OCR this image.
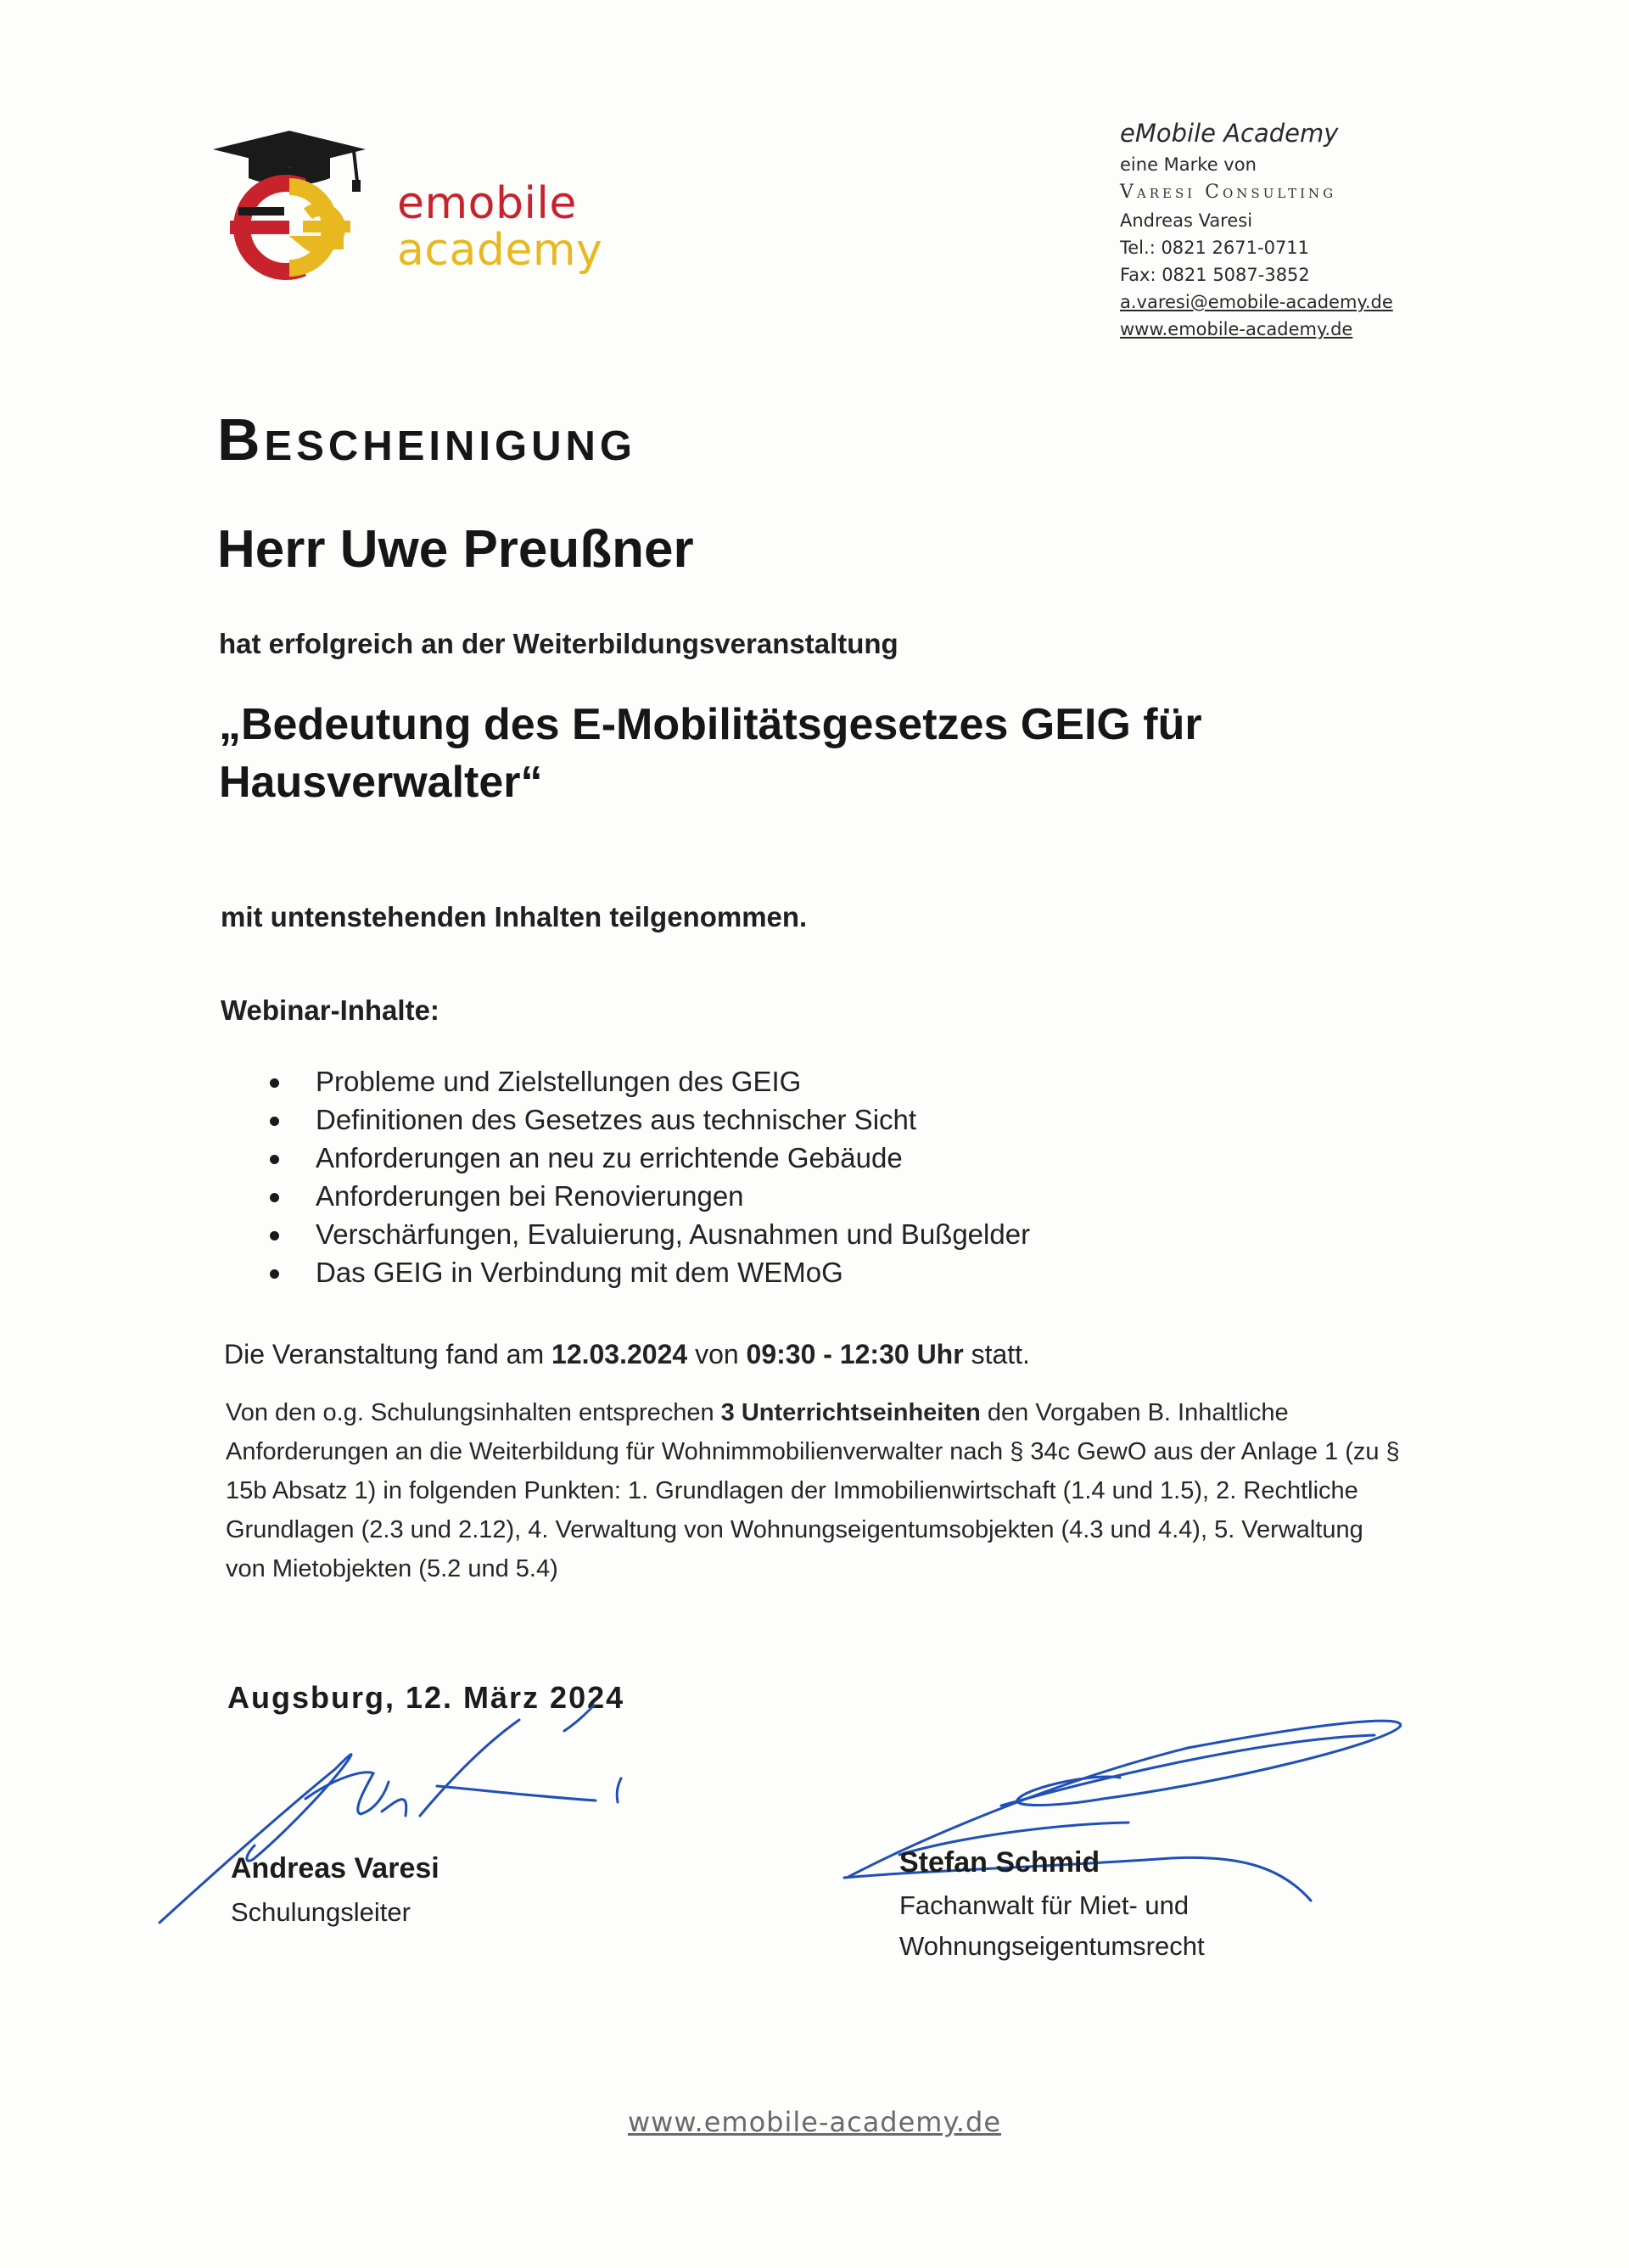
emobile
academy
eMobile Academy
eine Marke von
Varesi Consulting
Andreas Varesi
Tel.: 0821 2671-0711
Fax: 0821 5087-3852
a.varesi@emobile-academy.de
www.emobile-academy.de
Bescheinigung
Herr Uwe Preußner
hat erfolgreich an der Weiterbildungsveranstaltung
„Bedeutung des E-Mobilitätsgesetzes GEIG für
Hausverwalter“
mit untenstehenden Inhalten teilgenommen.
Webinar-Inhalte:
Probleme und Zielstellungen des GEIG
Definitionen des Gesetzes aus technischer Sicht
Anforderungen an neu zu errichtende Gebäude
Anforderungen bei Renovierungen
Verschärfungen, Evaluierung, Ausnahmen und Bußgelder
Das GEIG in Verbindung mit dem WEMoG
Die Veranstaltung fand am 12.03.2024 von 09:30 - 12:30 Uhr statt.
Von den o.g. Schulungsinhalten entsprechen 3 Unterrichtseinheiten den Vorgaben B. Inhaltliche Anforderungen an die Weiterbildung für Wohnimmobilienverwalter nach § 34c GewO aus der Anlage 1 (zu § 15b Absatz 1) in folgenden Punkten: 1. Grundlagen der Immobilienwirtschaft (1.4 und 1.5), 2. Rechtliche Grundlagen (2.3 und 2.12), 4. Verwaltung von Wohnungseigentumsobjekten (4.3 und 4.4), 5. Verwaltung von Mietobjekten (5.2 und 5.4)
Augsburg, 12. März 2024
Andreas Varesi
Schulungsleiter
Stefan Schmid
Fachanwalt für Miet- und
Wohnungseigentumsrecht
www.emobile-academy.de
